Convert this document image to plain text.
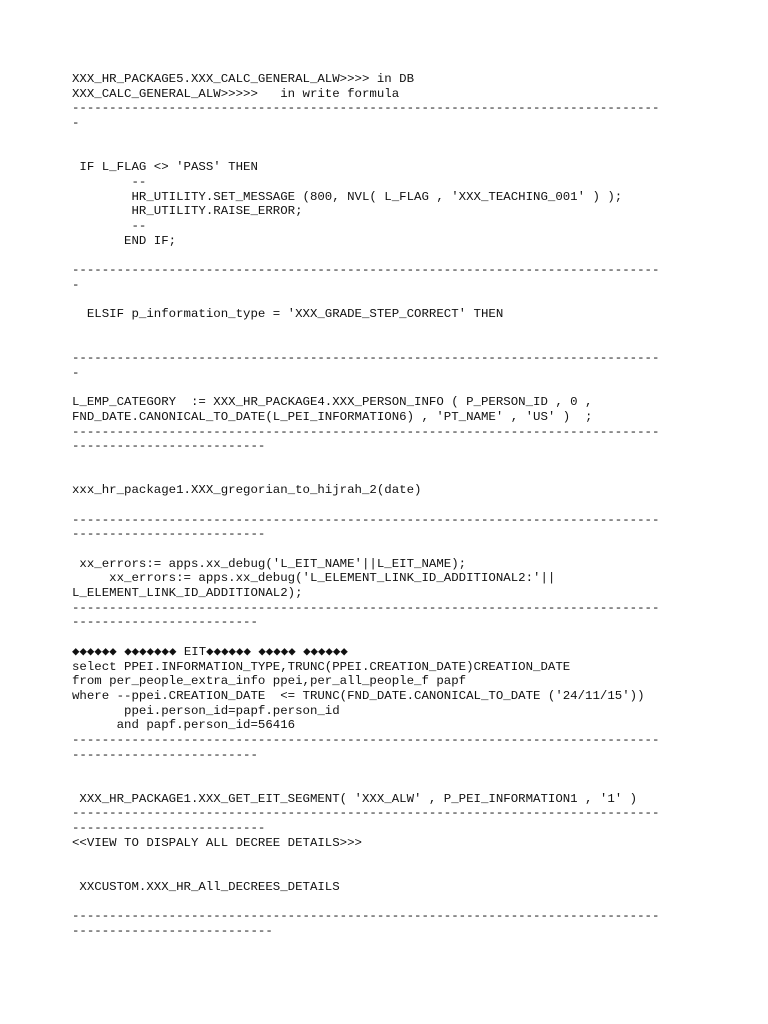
XXX_HR_PACKAGE5.XXX_CALC_GENERAL_ALW>>>> in DB
XXX_CALC_GENERAL_ALW>>>>>   in write formula
-------------------------------------------------------------------------------
-
IF L_FLAG <> 'PASS' THEN
--
HR_UTILITY.SET_MESSAGE (800, NVL( L_FLAG , 'XXX_TEACHING_001' ) );
HR_UTILITY.RAISE_ERROR;
--
END IF;
-------------------------------------------------------------------------------
-
ELSIF p_information_type = 'XXX_GRADE_STEP_CORRECT' THEN
-------------------------------------------------------------------------------
-
L_EMP_CATEGORY  := XXX_HR_PACKAGE4.XXX_PERSON_INFO ( P_PERSON_ID , 0 ,
FND_DATE.CANONICAL_TO_DATE(L_PEI_INFORMATION6) , 'PT_NAME' , 'US' )  ;
-------------------------------------------------------------------------------
--------------------------
xxx_hr_package1.XXX_gregorian_to_hijrah_2(date)
-------------------------------------------------------------------------------
--------------------------
xx_errors:= apps.xx_debug('L_EIT_NAME'||L_EIT_NAME);
xx_errors:= apps.xx_debug('L_ELEMENT_LINK_ID_ADDITIONAL2:'||
L_ELEMENT_LINK_ID_ADDITIONAL2);
-------------------------------------------------------------------------------
-------------------------
◆◆◆◆◆◆ ◆◆◆◆◆◆◆ EIT◆◆◆◆◆◆ ◆◆◆◆◆ ◆◆◆◆◆◆
select PPEI.INFORMATION_TYPE,TRUNC(PPEI.CREATION_DATE)CREATION_DATE
from per_people_extra_info ppei,per_all_people_f papf
where --ppei.CREATION_DATE  <= TRUNC(FND_DATE.CANONICAL_TO_DATE ('24/11/15'))
ppei.person_id=papf.person_id
and papf.person_id=56416
-------------------------------------------------------------------------------
-------------------------
XXX_HR_PACKAGE1.XXX_GET_EIT_SEGMENT( 'XXX_ALW' , P_PEI_INFORMATION1 , '1' )
-------------------------------------------------------------------------------
--------------------------
<<VIEW TO DISPALY ALL DECREE DETAILS>>>
XXCUSTOM.XXX_HR_All_DECREES_DETAILS
-------------------------------------------------------------------------------
---------------------------
